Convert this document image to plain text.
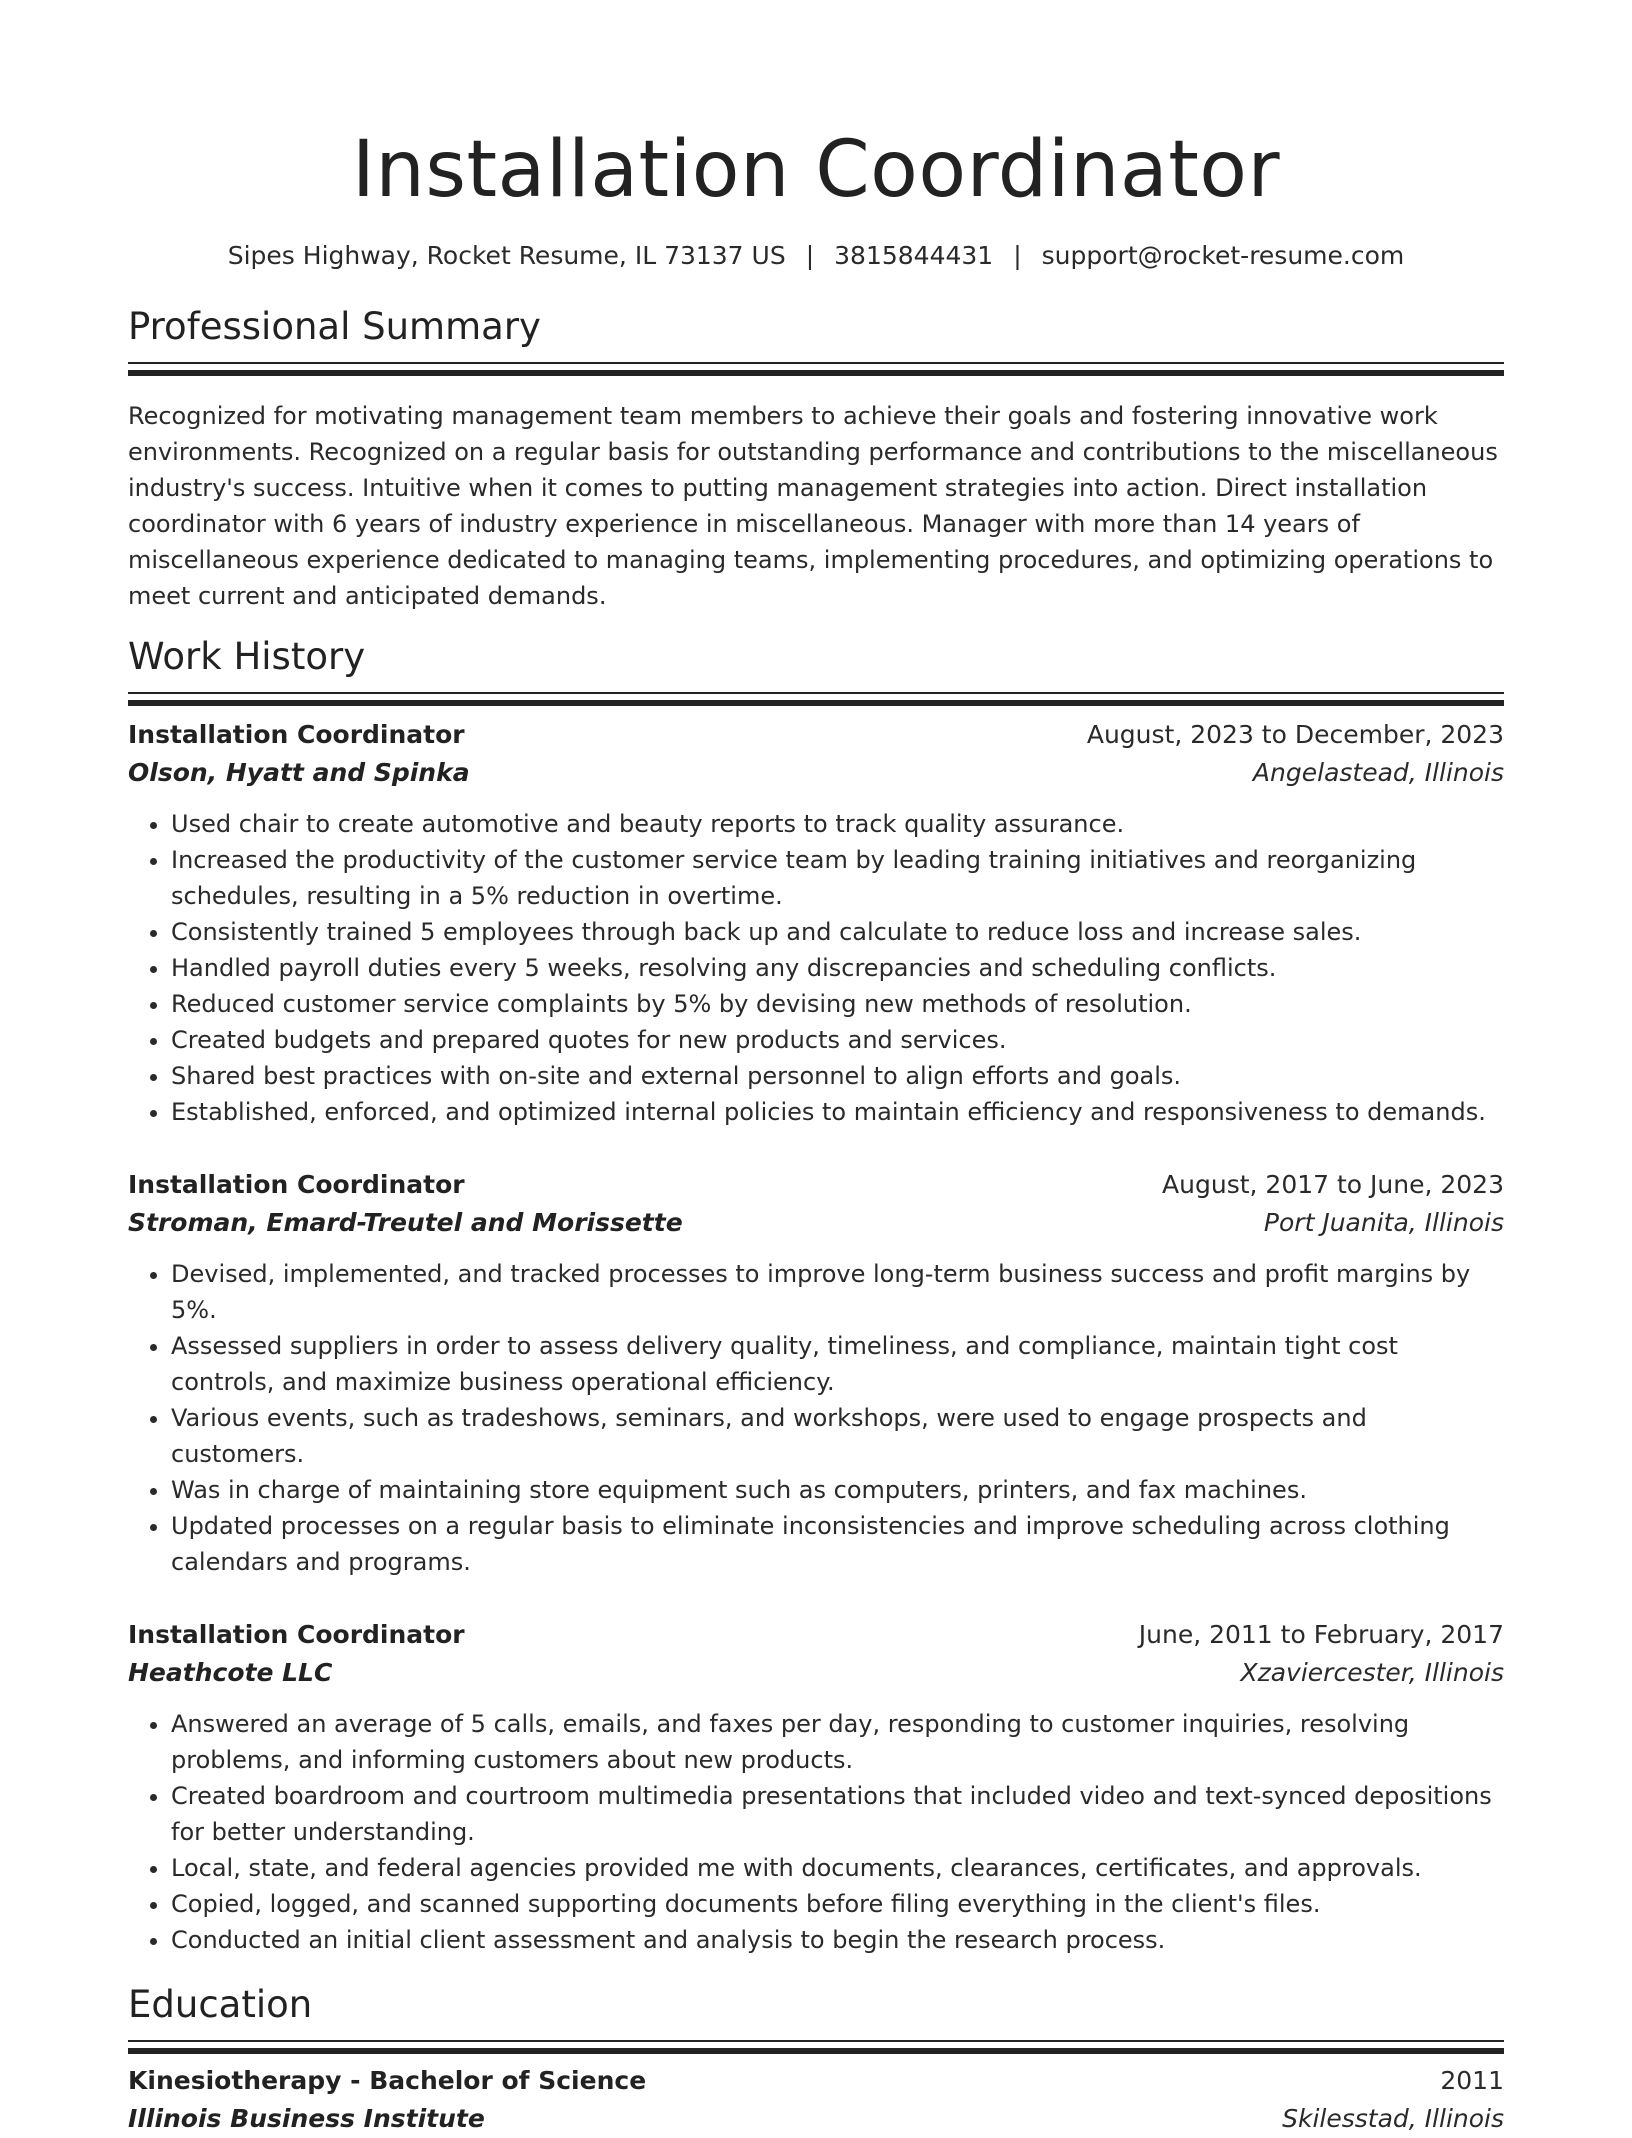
Installation Coordinator
Sipes Highway, Rocket Resume, IL 73137 US | 3815844431 | support@rocket-resume.com
Professional Summary

Recognized for motivating management team members to achieve their goals and fostering innovative work environments. Recognized on a regular basis for outstanding performance and contributions to the miscellaneous industry's success. Intuitive when it comes to putting management strategies into action. Direct installation coordinator with 6 years of industry experience in miscellaneous. Manager with more than 14 years of miscellaneous experience dedicated to managing teams, implementing procedures, and optimizing operations to meet current and anticipated demands.

Work History
Installation Coordinator	August, 2023 to December, 2023
Olson, Hyatt and Spinka	Angelastead, Illinois
• Used chair to create automotive and beauty reports to track quality assurance.
• Increased the productivity of the customer service team by leading training initiatives and reorganizing schedules, resulting in a 5% reduction in overtime.
• Consistently trained 5 employees through back up and calculate to reduce loss and increase sales.
• Handled payroll duties every 5 weeks, resolving any discrepancies and scheduling conflicts.
• Reduced customer service complaints by 5% by devising new methods of resolution.
• Created budgets and prepared quotes for new products and services.
• Shared best practices with on-site and external personnel to align efforts and goals.
• Established, enforced, and optimized internal policies to maintain efficiency and responsiveness to demands.
Installation Coordinator	August, 2017 to June, 2023
Stroman, Emard-Treutel and Morissette	Port Juanita, Illinois
• Devised, implemented, and tracked processes to improve long-term business success and profit margins by 5%.
• Assessed suppliers in order to assess delivery quality, timeliness, and compliance, maintain tight cost controls, and maximize business operational efficiency.
• Various events, such as tradeshows, seminars, and workshops, were used to engage prospects and customers.
• Was in charge of maintaining store equipment such as computers, printers, and fax machines.
• Updated processes on a regular basis to eliminate inconsistencies and improve scheduling across clothing calendars and programs.
Installation Coordinator	June, 2011 to February, 2017
Heathcote LLC	Xzaviercester, Illinois
• Answered an average of 5 calls, emails, and faxes per day, responding to customer inquiries, resolving problems, and informing customers about new products.
• Created boardroom and courtroom multimedia presentations that included video and text-synced depositions for better understanding.
• Local, state, and federal agencies provided me with documents, clearances, certificates, and approvals.
• Copied, logged, and scanned supporting documents before filing everything in the client's files.
• Conducted an initial client assessment and analysis to begin the research process.
Education
Kinesiotherapy - Bachelor of Science	2011
Illinois Business Institute	Skilesstad, Illinois
